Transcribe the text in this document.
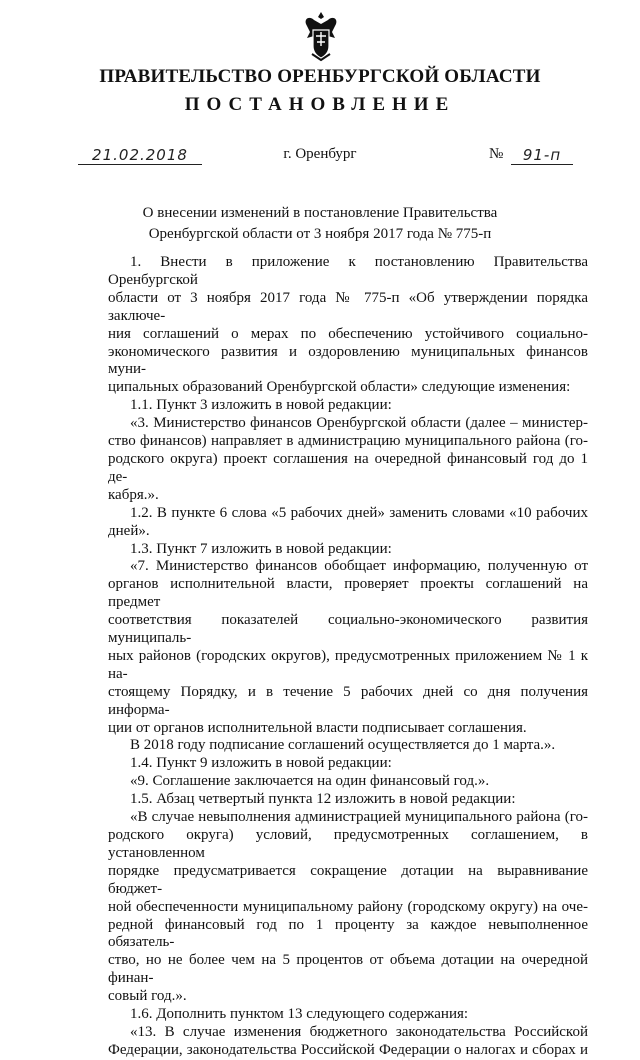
ПРАВИТЕЛЬСТВО ОРЕНБУРГСКОЙ ОБЛАСТИ
ПОСТАНОВЛЕНИЕ
21.02.2018	г. Оренбург	№	91-п
О внесении изменений в постановление Правительства
Оренбургской области от 3 ноября 2017 года № 775-п

1. Внести в приложение к постановлению Правительства Оренбургской

области от 3 ноября 2017 года № 775-п «Об утверждении порядка заключе-

ния соглашений о мерах по обеспечению устойчивого социально-

экономического развития и оздоровлению муниципальных финансов муни-

ципальных образований Оренбургской области» следующие изменения:

1.1. Пункт 3 изложить в новой редакции:

«3. Министерство финансов Оренбургской области (далее – министер-

ство финансов) направляет в администрацию муниципального района (го-

родского округа) проект соглашения на очередной финансовый год до 1 де-

кабря.».

1.2. В пункте 6 слова «5 рабочих дней» заменить словами «10 рабочих

дней».

1.3. Пункт 7 изложить в новой редакции:

«7. Министерство финансов обобщает информацию, полученную от

органов исполнительной власти, проверяет проекты соглашений на предмет

соответствия показателей социально-экономического развития муниципаль-

ных районов (городских округов), предусмотренных приложением № 1 к на-

стоящему Порядку, и в течение 5 рабочих дней со дня получения информа-

ции от органов исполнительной власти подписывает соглашения.

В 2018 году подписание соглашений осуществляется до 1 марта.».

1.4. Пункт 9 изложить в новой редакции:

«9. Соглашение заключается на один финансовый год.».

1.5. Абзац четвертый пункта 12 изложить в новой редакции:

«В случае невыполнения администрацией муниципального района (го-

родского округа) условий, предусмотренных соглашением, в установленном

порядке предусматривается сокращение дотации на выравнивание бюджет-

ной обеспеченности муниципальному району (городскому округу) на оче-

редной финансовый год по 1 проценту за каждое невыполненное обязатель-

ство, но не более чем на 5 процентов от объема дотации на очередной финан-

совый год.».

1.6. Дополнить пунктом 13 следующего содержания:

«13. В случае изменения бюджетного законодательства Российской

Федерации, законодательства Российской Федерации о налогах и сборах и
